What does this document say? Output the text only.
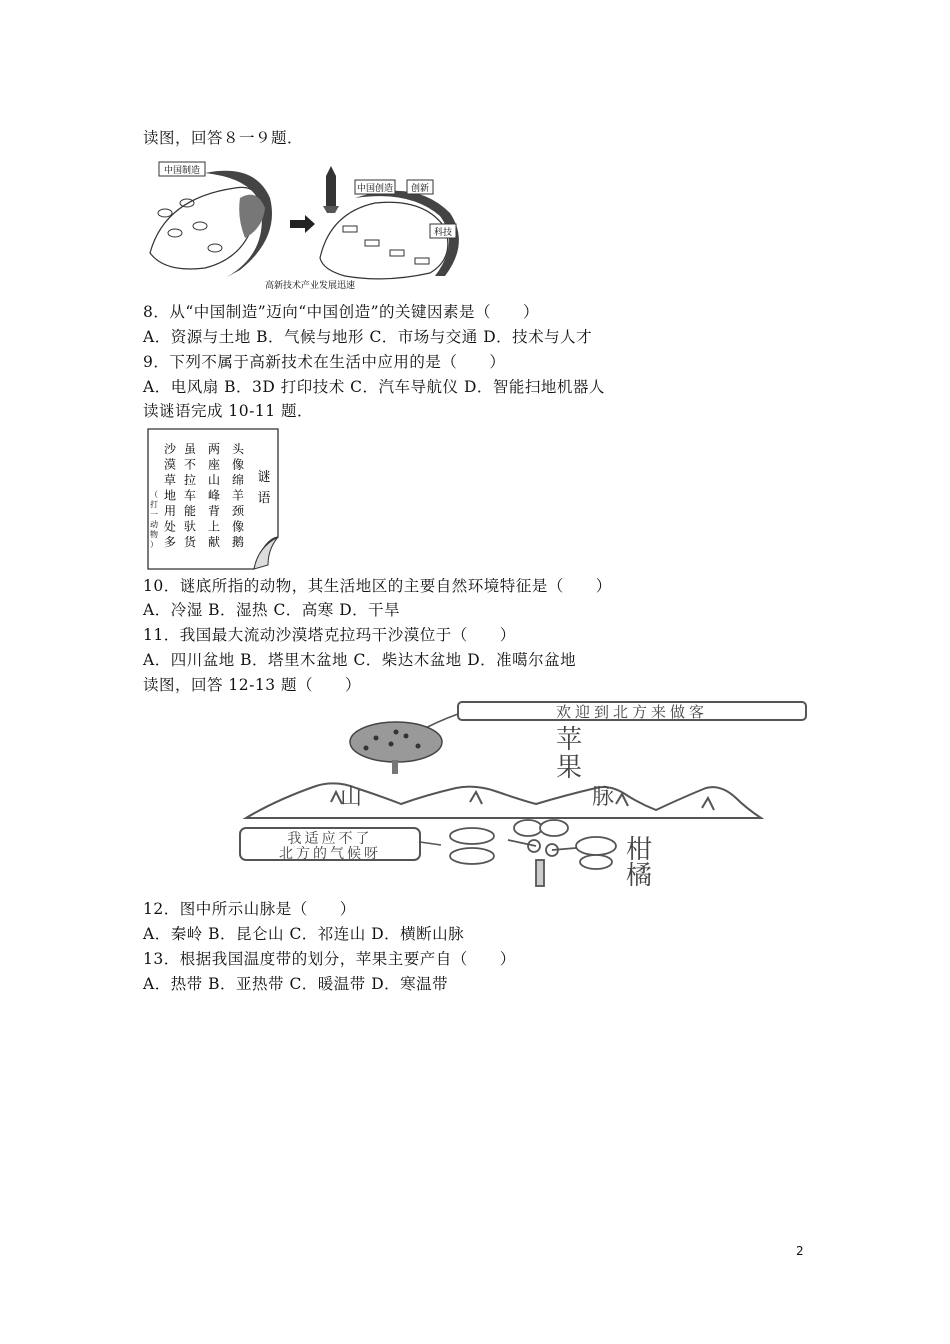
读图，回答８一９题．
中国制造
中国创造 创新
科技
高新技术产业发展迅速
8．从“中国制造”迈向“中国创造”的关键因素是（　　）
A．资源与土地 B．气候与地形 C．市场与交通 D．技术与人才
9．下列不属于高新技术在生活中应用的是（　　）
A．电风扇 B．3D 打印技术 C．汽车导航仪 D．智能扫地机器人
读谜语完成 10-11 题．
谜
语
头
像
绵
羊
颈
像
鹅
两
座
山
峰
背
上
献
虽
不
拉
车
能
驮
货
沙
漠
草
地
用
处
多
（
打
一
动
物
）
10．谜底所指的动物，其生活地区的主要自然环境特征是（　　）
A．冷湿 B．湿热 C．高寒 D．干旱
11．我国最大流动沙漠塔克拉玛干沙漠位于（　　）
A．四川盆地 B．塔里木盆地 C．柴达木盆地 D．准噶尔盆地
读图，回答 12-13 题（　　）
欢迎到北方来做客
苹
果
山	脉
我适应不了
北方的气候呀	柑
橘
12．图中所示山脉是（　　）
A．秦岭 B．昆仑山 C．祁连山 D．横断山脉
13．根据我国温度带的划分，苹果主要产自（　　）
A．热带 B．亚热带 C．暖温带 D．寒温带
2
